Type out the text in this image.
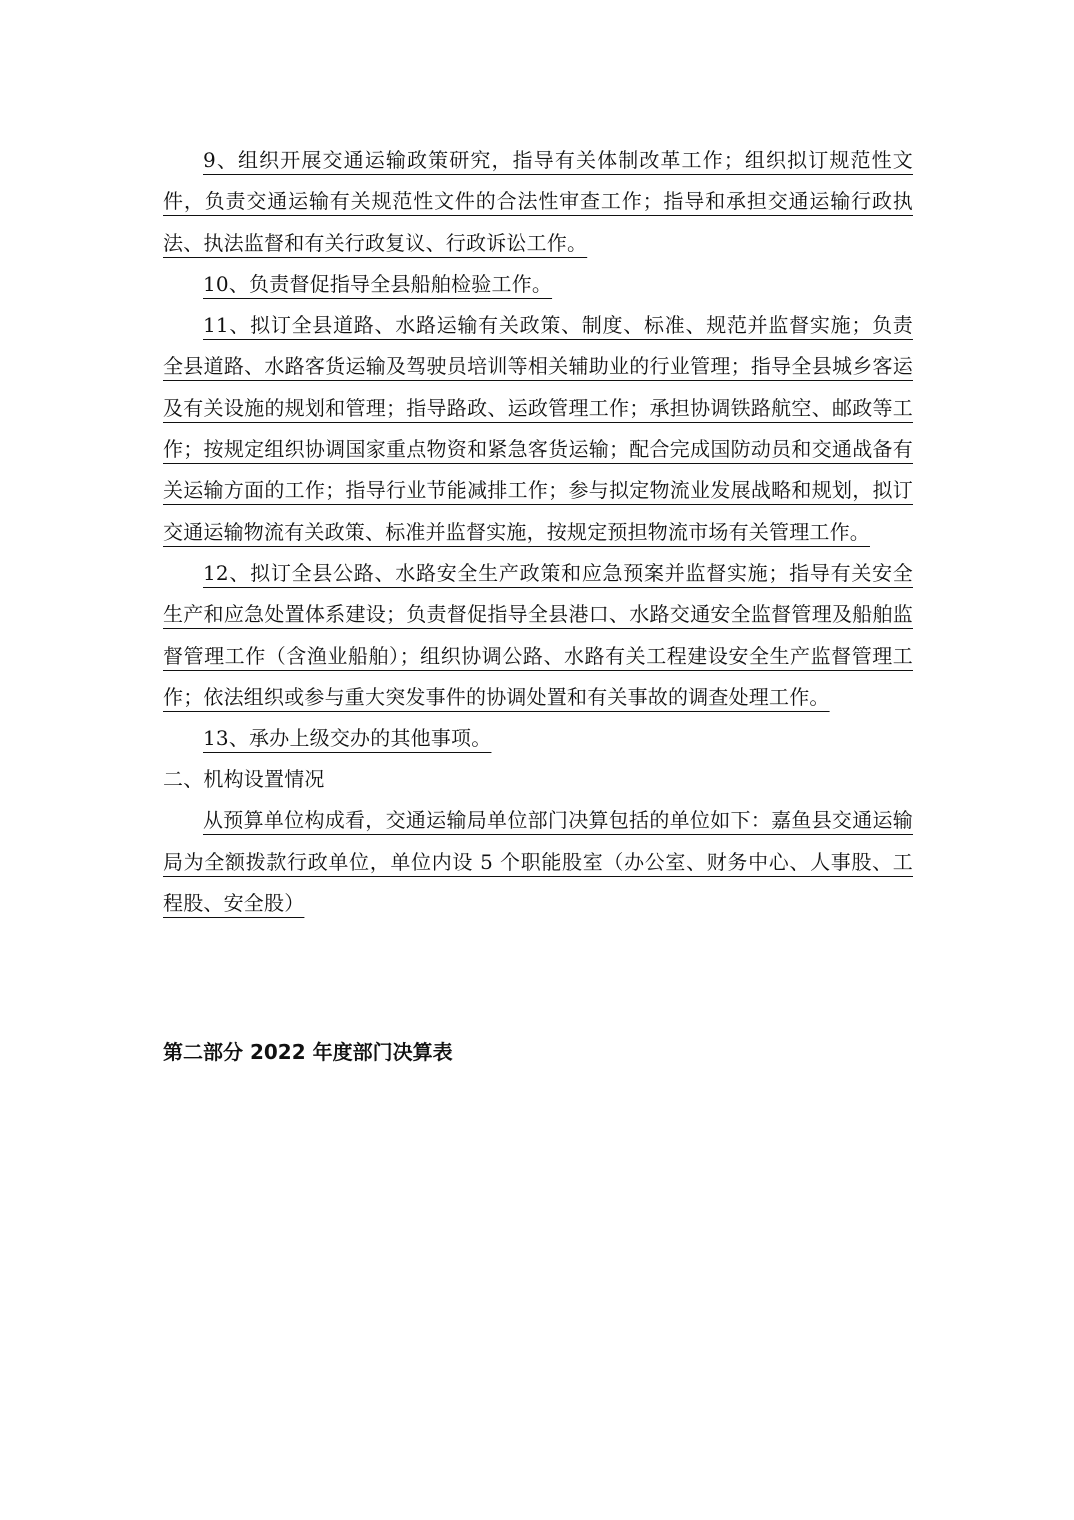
9、组织开展交通运输政策研究，指导有关体制改革工作；组织拟订规范性文件，负责交通运输有关规范性文件的合法性审查工作；指导和承担交通运输行政执法、执法监督和有关行政复议、行政诉讼工作。

10、负责督促指导全县船舶检验工作。

11、拟订全县道路、水路运输有关政策、制度、标准、规范并监督实施；负责全县道路、水路客货运输及驾驶员培训等相关辅助业的行业管理；指导全县城乡客运及有关设施的规划和管理；指导路政、运政管理工作；承担协调铁路航空、邮政等工作；按规定组织协调国家重点物资和紧急客货运输；配合完成国防动员和交通战备有关运输方面的工作；指导行业节能减排工作；参与拟定物流业发展战略和规划，拟订交通运输物流有关政策、标准并监督实施，按规定预担物流市场有关管理工作。

12、拟订全县公路、水路安全生产政策和应急预案并监督实施；指导有关安全生产和应急处置体系建设；负责督促指导全县港口、水路交通安全监督管理及船舶监督管理工作（含渔业船舶）；组织协调公路、水路有关工程建设安全生产监督管理工作；依法组织或参与重大突发事件的协调处置和有关事故的调查处理工作。

13、承办上级交办的其他事项。

二、机构设置情况

从预算单位构成看，交通运输局单位部门决算包括的单位如下：嘉鱼县交通运输局为全额拨款行政单位，单位内设 5 个职能股室（办公室、财务中心、人事股、工程股、安全股）

第二部分 2022 年度部门决算表
